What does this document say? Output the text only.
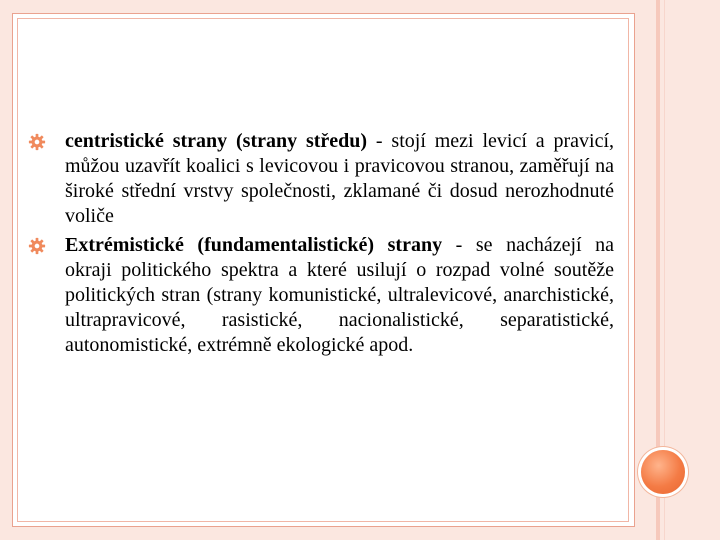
centristické strany (strany středu) - stojí mezi levicí a pravicí, můžou uzavřít koalici s levicovou i pravicovou stranou, zaměřují na široké střední vrstvy společnosti, zklamané či dosud nerozhodnuté voliče
Extrémistické (fundamentalistické) strany - se nacházejí na okraji politického spektra a které usilují o rozpad volné soutěže politických stran (strany komunistické, ultralevicové, anarchistické, ultrapravicové, rasistické, nacionalistické, separatistické, autonomistické, extrémně ekologické apod.
